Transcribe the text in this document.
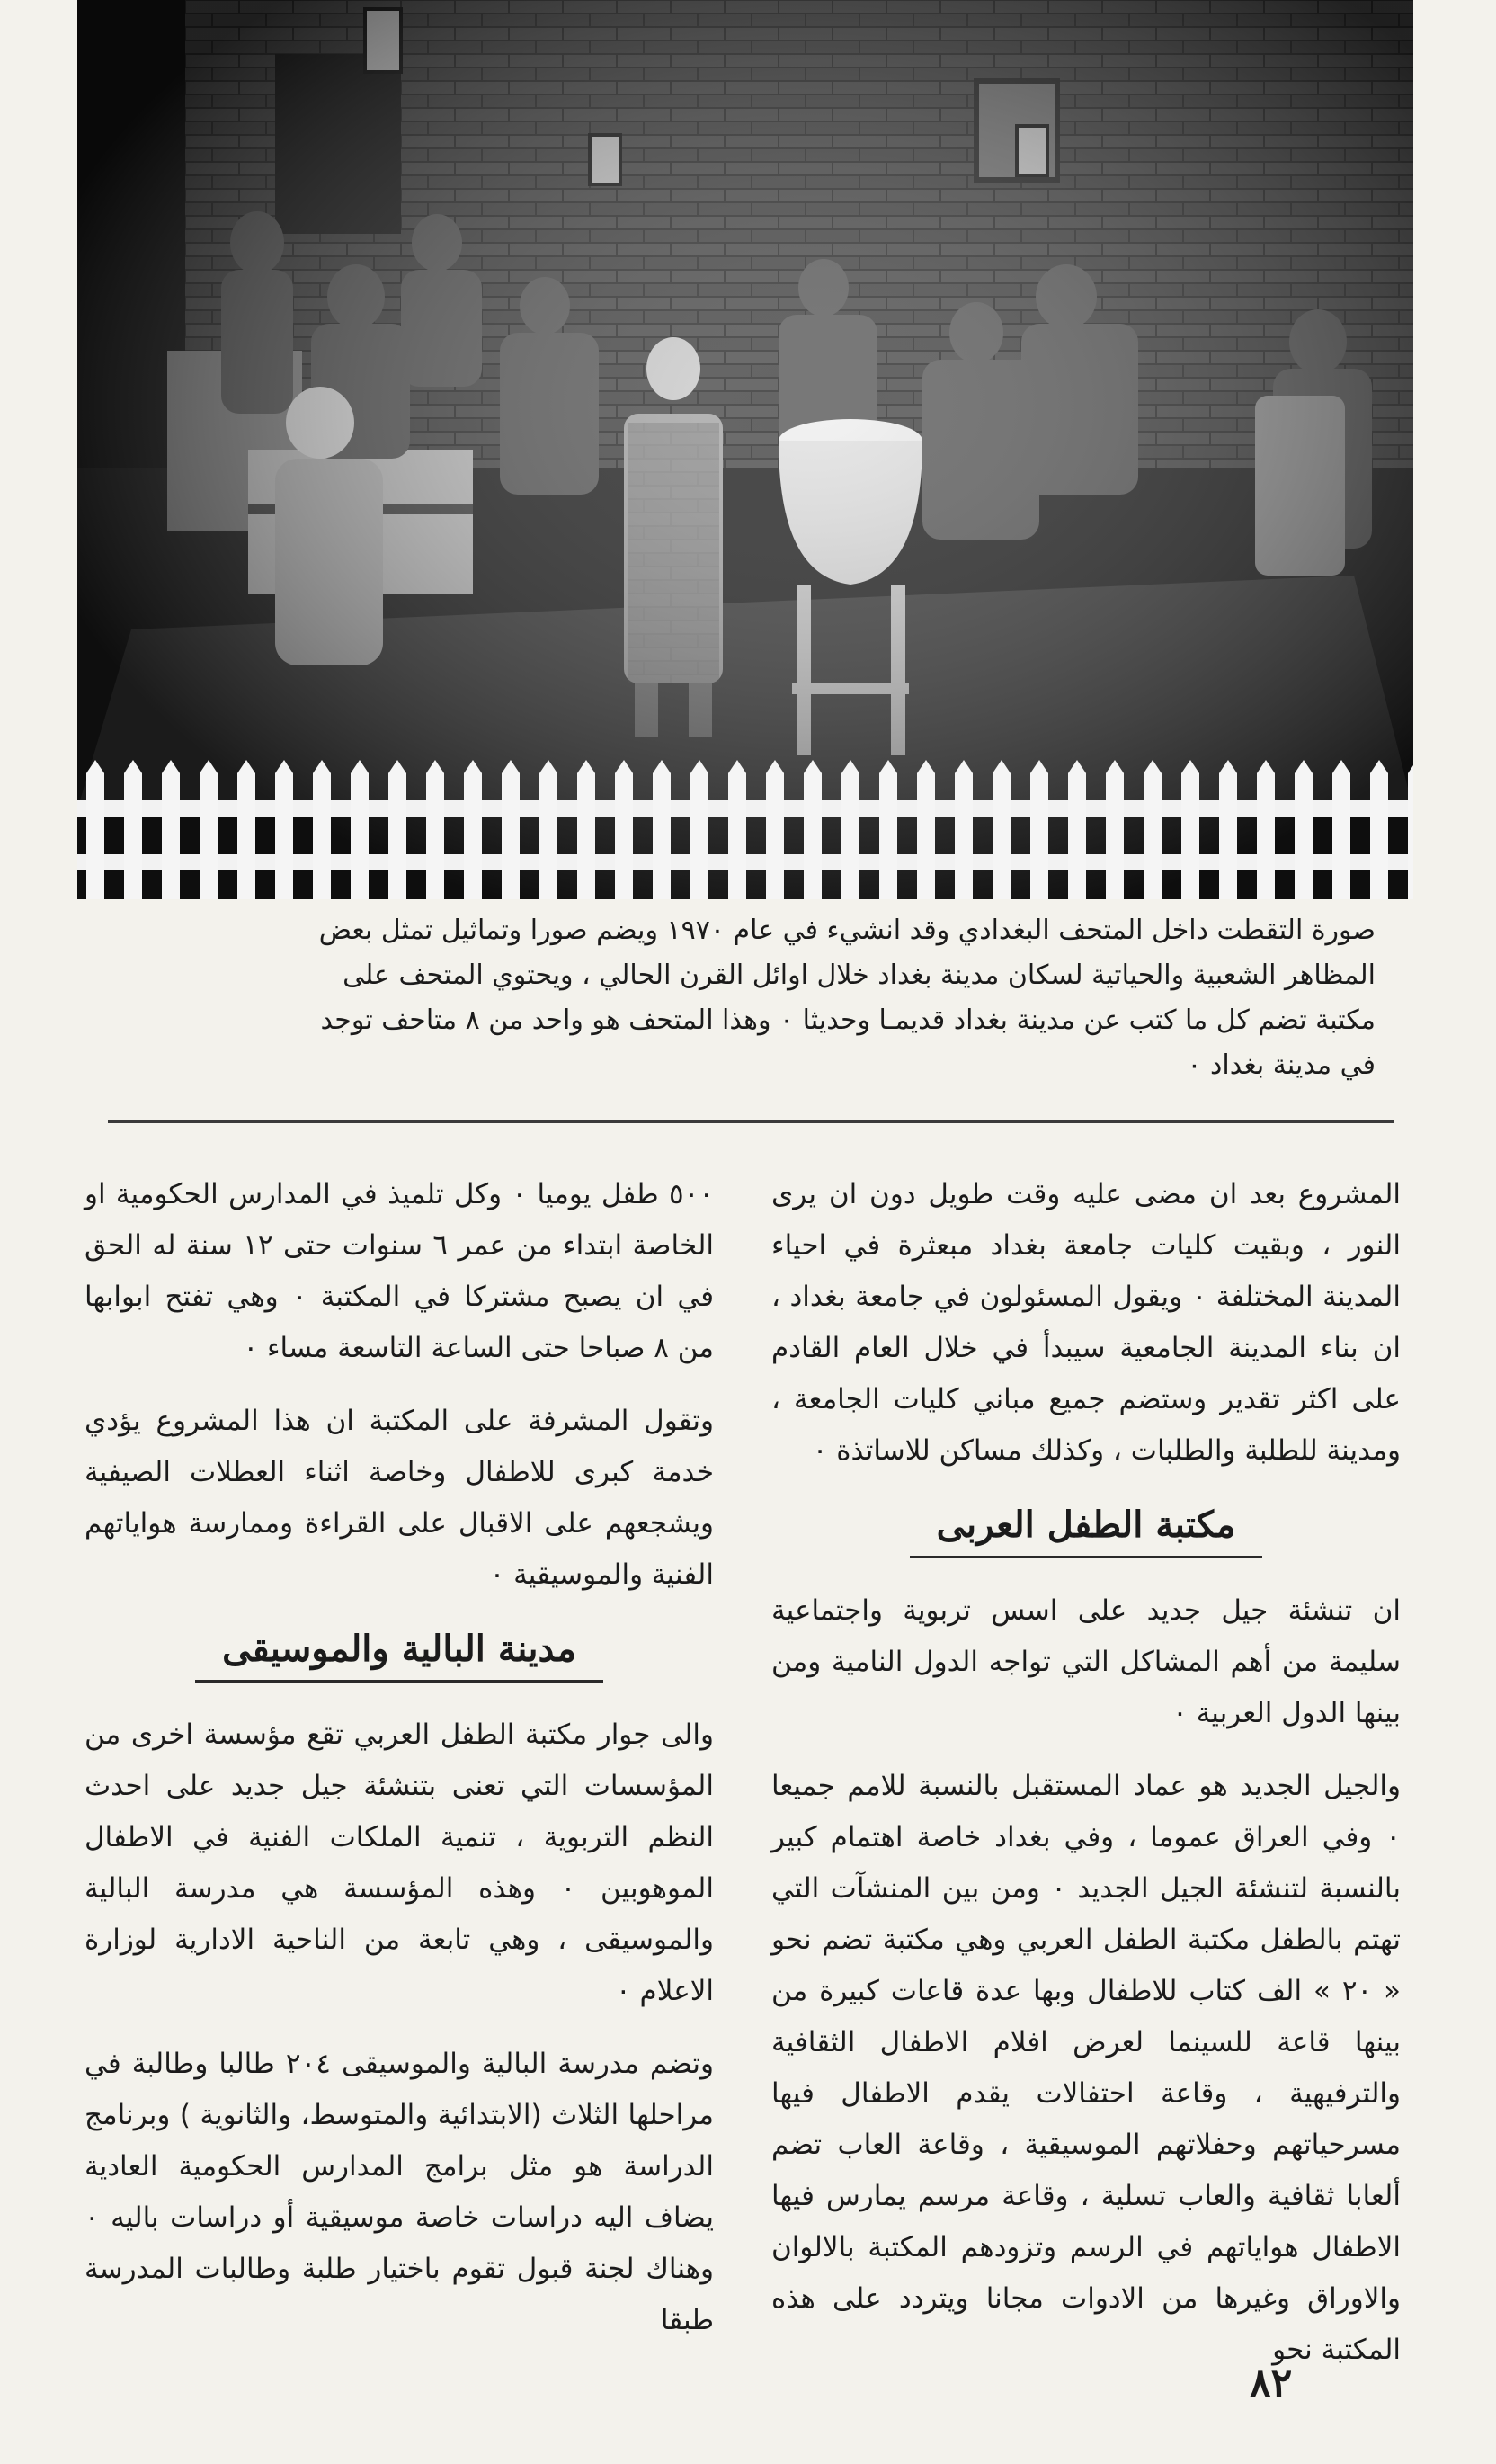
صورة التقطت داخل المتحف البغدادي وقد انشيء في عام ١٩٧٠ ويضم صورا وتماثيل تمثل بعض

المظاهر الشعبية والحياتية لسكان مدينة بغداد خلال اوائل القرن الحالي ، ويحتوي المتحف على

مكتبة تضم كل ما كتب عن مدينة بغداد قديمـا وحديثا ٠ وهذا المتحف هو واحد من ٨ متاحف توجد

في مدينة بغداد ٠

المشروع بعد ان مضى عليه وقت طويل دون ان يرى النور ، وبقيت كليات جامعة بغداد مبعثرة في احياء المدينة المختلفة ٠ ويقول المسئولون في جامعة بغداد ، ان بناء المدينة الجامعية سيبدأ في خلال العام القادم على اكثر تقدير وستضم جميع مباني كليات الجامعة ، ومدينة للطلبة والطلبات ، وكذلك مساكن للاساتذة ٠

مكتبة الطفل العربى

ان تنشئة جيل جديد على اسس تربوية واجتماعية سليمة من أهم المشاكل التي تواجه الدول النامية ومن بينها الدول العربية ٠

والجيل الجديد هو عماد المستقبل بالنسبة للامم جميعا ٠ وفي العراق عموما ، وفي بغداد خاصة اهتمام كبير بالنسبة لتنشئة الجيل الجديد ٠ ومن بين المنشآت التي تهتم بالطفل مكتبة الطفل العربي وهي مكتبة تضم نحو « ٢٠ » الف كتاب للاطفال وبها عدة قاعات كبيرة من بينها قاعة للسينما لعرض افلام الاطفال الثقافية والترفيهية ، وقاعة احتفالات يقدم الاطفال فيها مسرحياتهم وحفلاتهم الموسيقية ، وقاعة العاب تضم ألعابا ثقافية والعاب تسلية ، وقاعة مرسم يمارس فيها الاطفال هواياتهم في الرسم وتزودهم المكتبة بالالوان والاوراق وغيرها من الادوات مجانا ويتردد على هذه المكتبة نحو

٥٠٠ طفل يوميا ٠ وكل تلميذ في المدارس الحكومية او الخاصة ابتداء من عمر ٦ سنوات حتى ١٢ سنة له الحق في ان يصبح مشتركا في المكتبة ٠ وهي تفتح ابوابها من ٨ صباحا حتى الساعة التاسعة مساء ٠

وتقول المشرفة على المكتبة ان هذا المشروع يؤدي خدمة كبرى للاطفال وخاصة اثناء العطلات الصيفية ويشجعهم على الاقبال على القراءة وممارسة هواياتهم الفنية والموسيقية ٠

مدينة البالية والموسيقى

والى جوار مكتبة الطفل العربي تقع مؤسسة اخرى من المؤسسات التي تعنى بتنشئة جيل جديد على احدث النظم التربوية ، تنمية الملكات الفنية في الاطفال الموهوبين ٠ وهذه المؤسسة هي مدرسة البالية والموسيقى ، وهي تابعة من الناحية الادارية لوزارة الاعلام ٠

وتضم مدرسة البالية والموسيقى ٢٠٤ طالبا وطالبة في مراحلها الثلاث (الابتدائية والمتوسط، والثانوية ) وبرنامج الدراسة هو مثل برامج المدارس الحكومية العادية يضاف اليه دراسات خاصة موسيقية أو دراسات باليه ٠ وهناك لجنة قبول تقوم باختيار طلبة وطالبات المدرسة طبقا

٨٢
